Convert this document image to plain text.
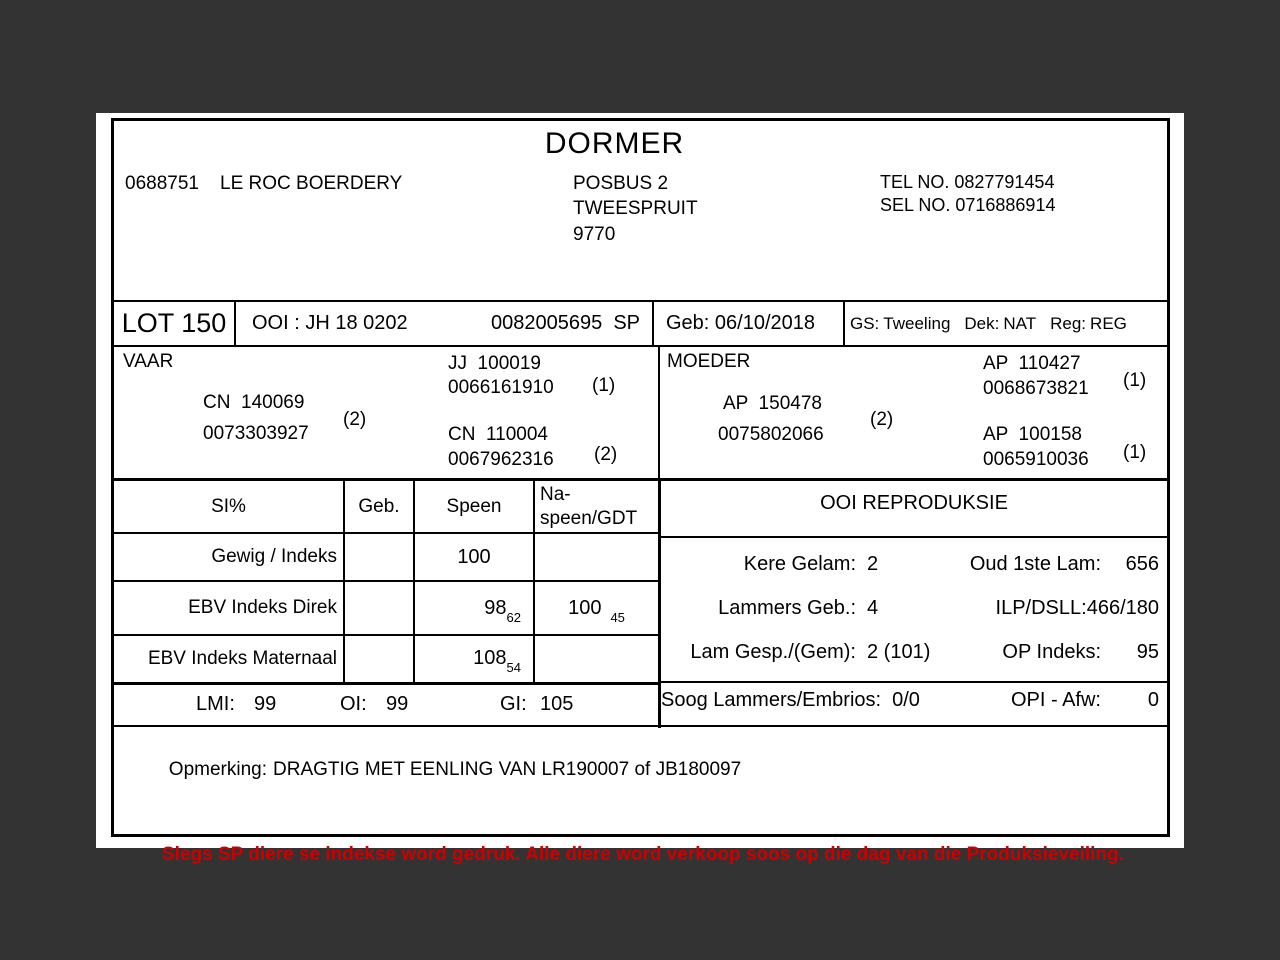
DORMER
0688751 LE ROC BOERDERY	POSBUS 2
TWEESPRUIT
9770
TEL NO. 0827791454
SEL NO. 0716886914
LOT 150	OOI : JH 18 0202	0082005695  SP Geb: 06/10/2018 GS: Tweeling Dek: NAT Reg: REG
VAAR
CN  140069
0073303927
(2)
JJ  100019
0066161910 (1)
CN  110004
0067962316 (2)
MOEDER
AP  150478
0075802066
(2)
AP  110427
0068673821 (1)
AP  100158
0065910036 (1)
SI%	Geb.	Speen	Na-
speen/GDT

Gewig / Indeks		100	
EBV Indeks Direk		$98_{62}$	100 $_{45}$
EBV Indeks Maternaal		$108_{54}$	
LMI: 99	OI: 99	GI: 105
OOI REPRODUKSIE
Kere Gelam: 2	Oud 1ste Lam:	656
Lammers Geb.: 4	ILP/DSLL: 466/180
Lam Gesp./(Gem): 2 (101)	OP Indeks:	95
Soog Lammers/Embrios: 0/0	OPI - Afw:	0

Opmerking: DRAGTIG MET EENLING VAN LR190007 of JB180097

Slegs SP diere se indekse word gedruk. Alle diere word verkoop soos op die dag van die Produksieveiling.
